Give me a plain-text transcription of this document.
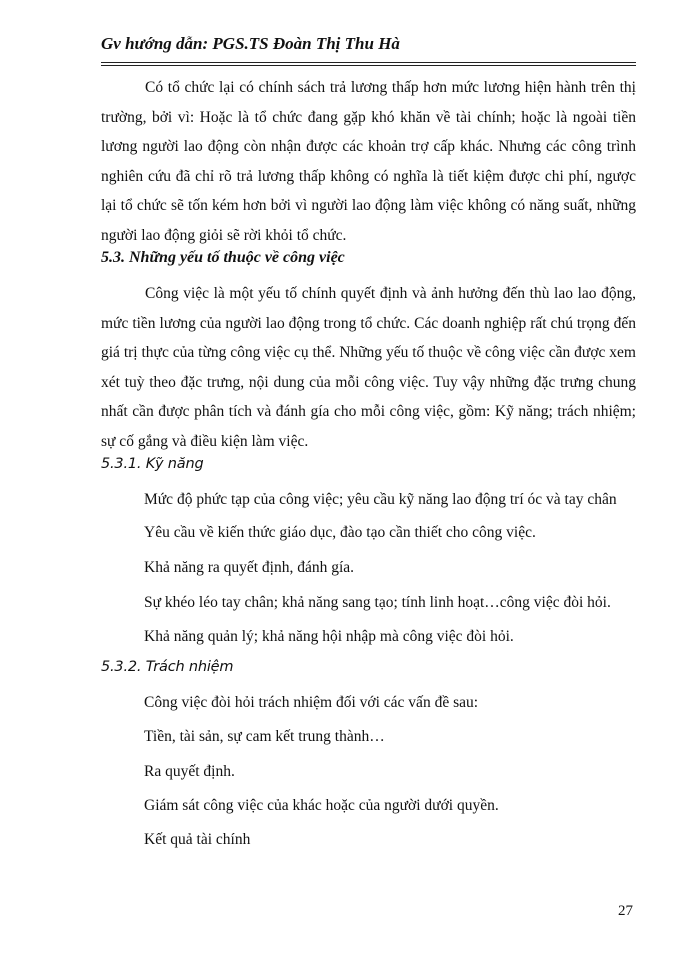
Gv hướng dẫn: PGS.TS Đoàn Thị Thu Hà

Có tổ chức lại có chính sách trả lương thấp hơn mức lương hiện hành trên thị trường, bởi vì: Hoặc là tổ chức đang gặp khó khăn về tài chính; hoặc là ngoài tiền lương người lao động còn nhận được các khoản trợ cấp khác. Nhưng các công trình nghiên cứu đã chỉ rõ trả lương thấp không có nghĩa là tiết kiệm được chi phí, ngược lại tổ chức sẽ tốn kém hơn bởi vì người lao động làm việc không có năng suất, những người lao động giỏi sẽ rời khỏi tổ chức.

5.3. Những yếu tố thuộc về công việc

Công việc là một yếu tố chính quyết định và ảnh hưởng đến thù lao lao động, mức tiền lương của người lao động trong tổ chức. Các doanh nghiệp rất chú trọng đến giá trị thực của từng công việc cụ thể. Những yếu tố thuộc về công việc cần được xem xét tuỳ theo đặc trưng, nội dung của mỗi công việc. Tuy vậy những đặc trưng chung nhất cần được phân tích và đánh gía cho mỗi công việc, gồm: Kỹ năng; trách nhiệm; sự cố gắng và điều kiện làm việc.

5.3.1. Kỹ năng
Mức độ phức tạp của công việc; yêu cầu kỹ năng lao động trí óc và tay chân
Yêu cầu về kiến thức giáo dục, đào tạo cần thiết cho công việc.
Khả năng ra quyết định, đánh gía.
Sự khéo léo tay chân; khả năng sang tạo; tính linh hoạt…công việc đòi hỏi.
Khả năng quản lý; khả năng hội nhập mà công việc đòi hỏi.
5.3.2. Trách nhiệm
Công việc đòi hỏi trách nhiệm đối với các vấn đề sau:
Tiền, tài sản, sự cam kết trung thành…
Ra quyết định.
Giám sát công việc của khác hoặc của người dưới quyền.
Kết quả tài chính
27
